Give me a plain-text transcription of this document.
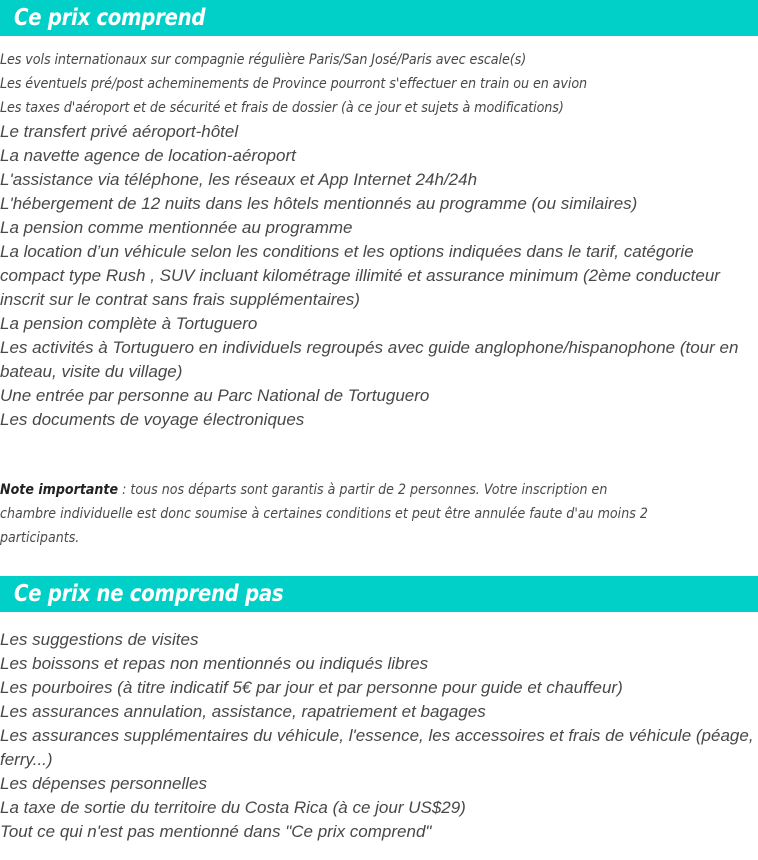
Ce prix comprend
Les vols internationaux sur compagnie régulière Paris/San José/Paris avec escale(s)
Les éventuels pré/post acheminements de Province pourront s'effectuer en train ou en avion
Les taxes d'aéroport et de sécurité et frais de dossier (à ce jour et sujets à modifications)
Le transfert privé aéroport-hôtel
La navette agence de location-aéroport
L'assistance via téléphone, les réseaux et App Internet 24h/24h
L'hébergement de 12 nuits dans les hôtels mentionnés au programme (ou similaires)
La pension comme mentionnée au programme
La location d’un véhicule selon les conditions et les options indiquées dans le tarif, catégorie compact type Rush , SUV incluant kilométrage illimité et assurance minimum (2ème conducteur inscrit sur le contrat sans frais supplémentaires)
La pension complète à Tortuguero
Les activités à Tortuguero en individuels regroupés avec guide anglophone/hispanophone (tour en bateau, visite du village)
Une entrée par personne au Parc National de Tortuguero
Les documents de voyage électroniques
Note importante : tous nos départs sont garantis à partir de 2 personnes. Votre inscription en chambre individuelle est donc soumise à certaines conditions et peut être annulée faute d'au moins 2 participants.
Ce prix ne comprend pas
Les suggestions de visites
Les boissons et repas non mentionnés ou indiqués libres
Les pourboires (à titre indicatif 5€ par jour et par personne pour guide et chauffeur)
Les assurances annulation, assistance, rapatriement et bagages
Les assurances supplémentaires du véhicule, l'essence, les accessoires et frais de véhicule (péage, ferry...)
Les dépenses personnelles
La taxe de sortie du territoire du Costa Rica (à ce jour US$29)
Tout ce qui n'est pas mentionné dans "Ce prix comprend"
